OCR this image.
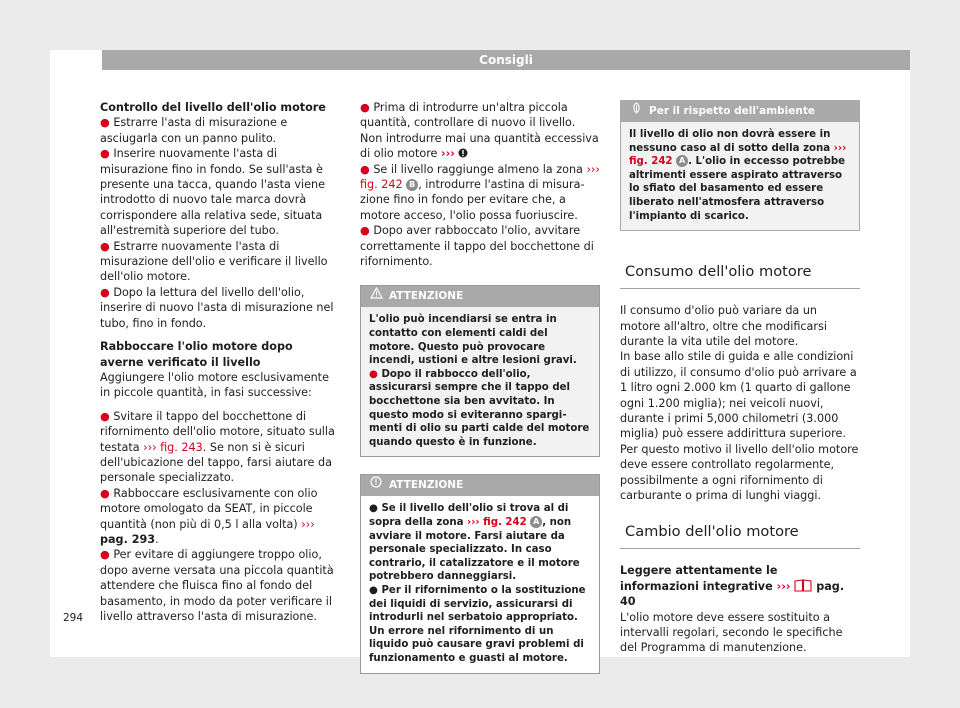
Consigli

Controllo del livello dell'olio motore

● Estrarre l'asta di misurazione e asciugarla con un panno pulito.

● Inserire nuovamente l'asta di misurazione fino in fondo. Se sull'asta è presente una tacca, quando l'asta viene introdotto di nuovo tale marca dovrà corrispondere alla relativa sede, situata all'estremità superiore del tubo.

● Estrarre nuovamente l'asta di misurazione dell'olio e verificare il livello dell'olio motore.

● Dopo la lettura del livello dell'olio, inserire di nuovo l'asta di misurazione nel tubo, fino in fondo.

Rabboccare l'olio motore dopo averne verificato il livello

Aggiungere l'olio motore esclusivamente in piccole quantità, in fasi successive:

● Svitare il tappo del bocchettone di rifornimento dell'olio motore, situato sulla testata ››› fig. 243. Se non si è sicuri dell'ubicazione del tappo, farsi aiutare da personale specializzato.

● Rabboccare esclusivamente con olio motore omologato da SEAT, in piccole quantità (non più di 0,5 l alla volta) ››› pag. 293.

● Per evitare di aggiungere troppo olio, dopo averne versata una piccola quantità attendere che fluisca fino al fondo del basamento, in modo da poter verificare il livello attraverso l'asta di misurazione.

● Prima di introdurre un'altra piccola quantità, controllare di nuovo il livello. Non introdurre mai una quantità eccessiva di olio motore ›››

● Se il livello raggiunge almeno la zona ››› fig. 242 B , introdurre l'astina di misurazione fino in fondo per evitare che, a motore acceso, l'olio possa fuoriuscire.

● Dopo aver rabboccato l'olio, avvitare correttamente il tappo del bocchettone di rifornimento.

ATTENZIONE

L'olio può incendiarsi se entra in contatto con elementi caldi del motore. Questo può provocare incendi, ustioni e altre lesioni gravi.

● Dopo il rabbocco dell'olio, assicurarsi sempre che il tappo del bocchettone sia ben avvitato. In questo modo si eviteranno spargimenti di olio su parti calde del motore quando questo è in funzione.

ATTENZIONE

● Se il livello dell'olio si trova al di sopra della zona ››› fig. 242 A , non avviare il motore. Farsi aiutare da personale specializzato. In caso contrario, il catalizzatore e il motore potrebbero danneggiarsi.

● Per il rifornimento o la sostituzione dei liquidi di servizio, assicurarsi di introdurli nel serbatoio appropriato. Un errore nel rifornimento di un liquido può causare gravi problemi di funzionamento e guasti al motore.

Per il rispetto dell'ambiente

Il livello di olio non dovrà essere in nessuno caso al di sotto della zona ››› fig. 242 A . L'olio in eccesso potrebbe altrimenti essere aspirato attraverso lo sfiato del basamento ed essere liberato nell'atmosfera attraverso l'impianto di scarico.

Consumo dell'olio motore

Il consumo d'olio può variare da un motore all'altro, oltre che modificarsi durante la vita utile del motore.

In base allo stile di guida e alle condizioni di utilizzo, il consumo d'olio può arrivare a 1 litro ogni 2.000 km (1 quarto di gallone ogni 1.200 miglia); nei veicoli nuovi, durante i primi 5,000 chilometri (3.000 miglia) può essere addirittura superiore. Per questo motivo il livello dell'olio motore deve essere controllato regolarmente, possibilmente a ogni rifornimento di carburante o prima di lunghi viaggi.

Cambio dell'olio motore

Leggere attentamente le informazioni integrative ››› pag. 40

L'olio motore deve essere sostituito a intervalli regolari, secondo le specifiche del Programma di manutenzione.

294
